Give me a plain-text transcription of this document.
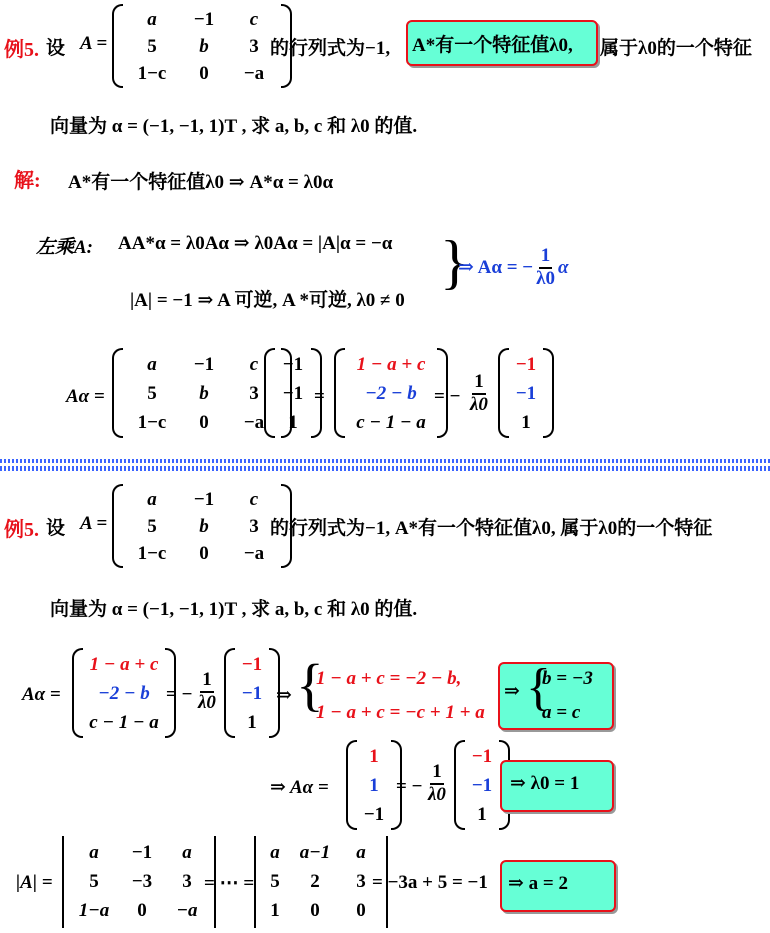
例5. 设 A =
a −1 c
5 b 3
1−c 0 −a
的行列式为−1, A*有一个特征值λ0, 属于λ0的一个特征
向量为 α = (−1, −1, 1)T , 求 a, b, c 和 λ0 的值.
解: A*有一个特征值λ0 ⇒ A*α = λ0α
左乘A: AA*α = λ0Aα ⇒ λ0Aα = |A|α = −α
|A| = −1 ⇒ A 可逆, A *可逆, λ0 ≠ 0
}
⇒ Aα = − $\frac{1}{\lambda 0}$ α
Aα =
a −1 c
5 b 3
1−c 0 −a
−1
−1
1
=
1 − a + c
−2 − b
c − 1 − a
= − $\frac{1}{\lambda 0}$
−1
−1
1
例5. 设 A =
a −1 c
5 b 3
1−c 0 −a
的行列式为−1, A*有一个特征值λ0, 属于λ0的一个特征
向量为 α = (−1, −1, 1)T , 求 a, b, c 和 λ0 的值.
Aα =
1 − a + c
−2 − b
c − 1 − a
= − $\frac{1}{\lambda 0}$
−1
−1
1
⇒ {
1 − a + c = −2 − b,
1 − a + c = −c + 1 + a
⇒ {
b = −3
a = c
⇒ Aα =
1
1
−1
= − $\frac{1}{\lambda 0}$
−1
−1
1
⇒ λ0 = 1
|A| =
a −1 a
5 −3 3
1−a 0 −a
= ⋯ =
a a−1 a
5 2 3
1 0 0
= −3a + 5 = −1 ⇒ a = 2
